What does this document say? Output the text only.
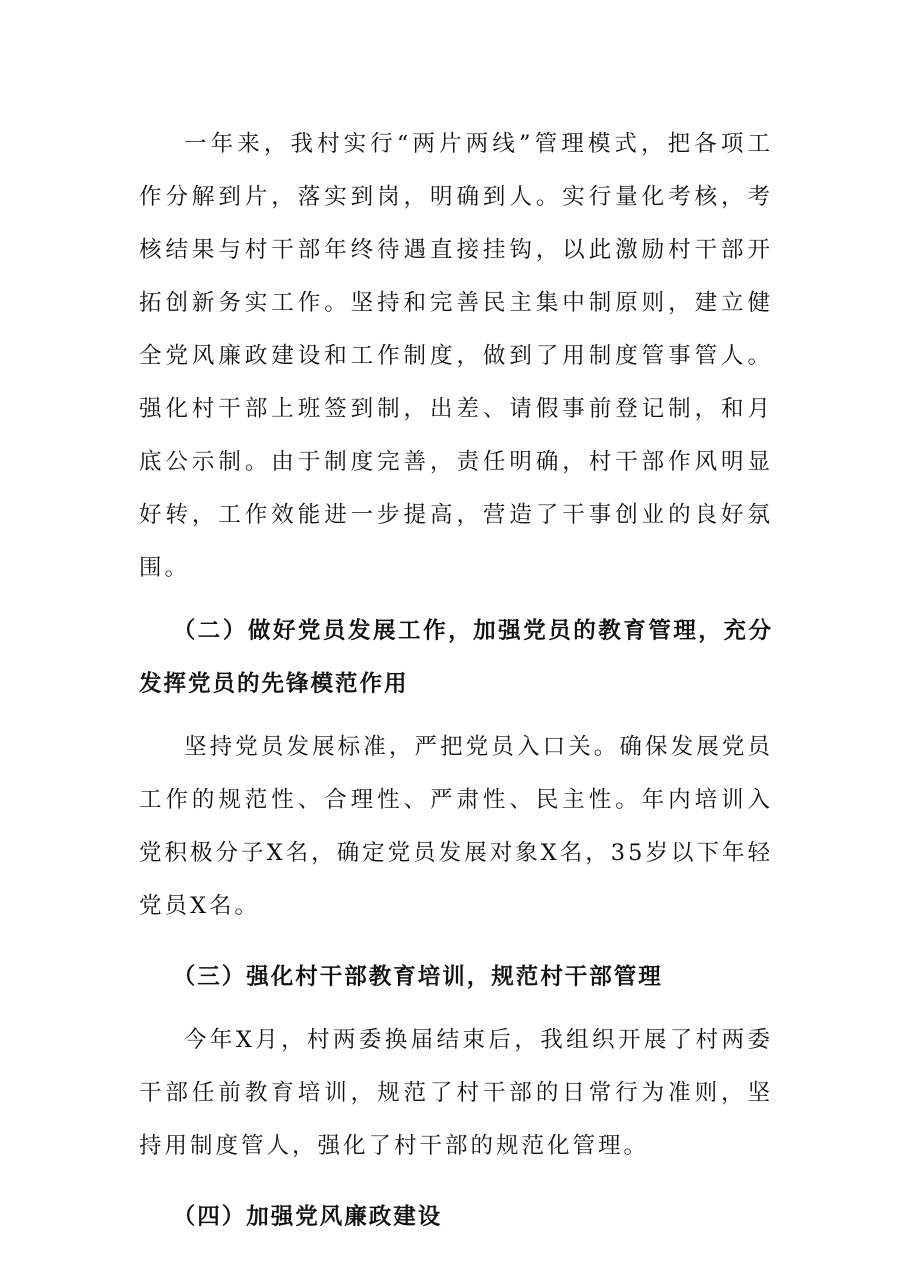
一年来，我村实行“两片两线”管理模式，把各项工作分解到片，落实到岗，明确到人。实行量化考核，考核结果与村干部年终待遇直接挂钩，以此激励村干部开拓创新务实工作。坚持和完善民主集中制原则，建立健全党风廉政建设和工作制度，做到了用制度管事管人。强化村干部上班签到制，出差、请假事前登记制，和月底公示制。由于制度完善，责任明确，村干部作风明显好转，工作效能进一步提高，营造了干事创业的良好氛围。

（二）做好党员发展工作，加强党员的教育管理，充分发挥党员的先锋模范作用

坚持党员发展标准，严把党员入口关。确保发展党员工作的规范性、合理性、严肃性、民主性。年内培训入党积极分子X名，确定党员发展对象X名，35岁以下年轻党员X名。

（三）强化村干部教育培训，规范村干部管理

今年X月，村两委换届结束后，我组织开展了村两委干部任前教育培训，规范了村干部的日常行为准则，坚持用制度管人，强化了村干部的规范化管理。

（四）加强党风廉政建设
